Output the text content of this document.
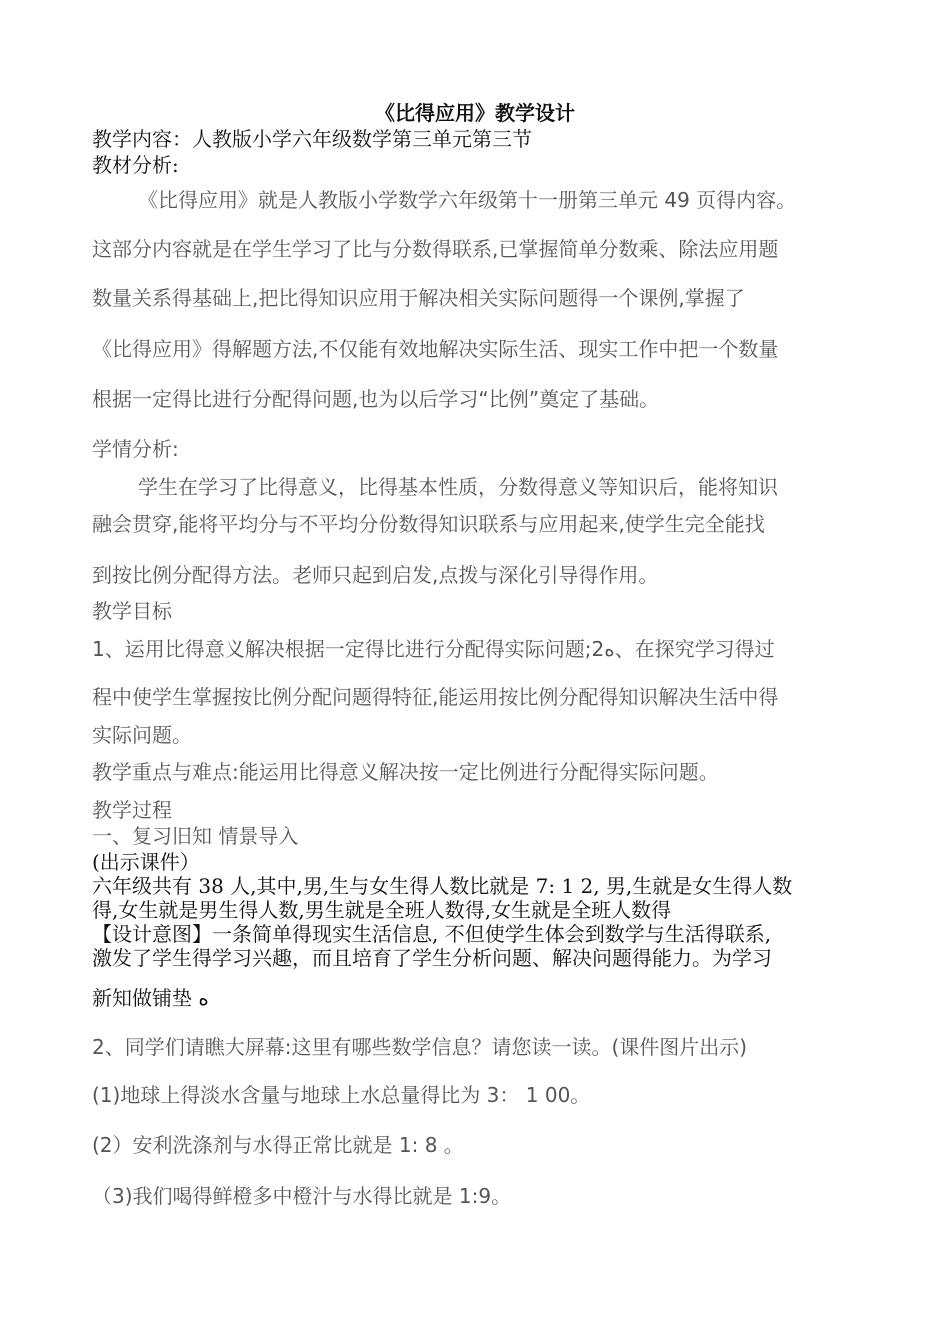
《比得应用》教学设计
教学内容：人教版小学六年级数学第三单元第三节
教材分析:
《比得应用》就是人教版小学数学六年级第十一册第三单元 49 页得内容。
这部分内容就是在学生学习了比与分数得联系,已掌握简单分数乘、除法应用题
数量关系得基础上,把比得知识应用于解决相关实际问题得一个课例,掌握了
《比得应用》得解题方法,不仅能有效地解决实际生活、现实工作中把一个数量
根据一定得比进行分配得问题,也为以后学习“比例”奠定了基础。
学情分析:
学生在学习了比得意义，比得基本性质，分数得意义等知识后，能将知识
融会贯穿,能将平均分与不平均分份数得知识联系与应用起来,使学生完全能找
到按比例分配得方法。老师只起到启发,点拨与深化引导得作用。
教学目标
1、运用比得意义解决根据一定得比进行分配得实际问题;2ه、在探究学习得过
程中使学生掌握按比例分配问题得特征,能运用按比例分配得知识解决生活中得
实际问题。
教学重点与难点:能运用比得意义解决按一定比例进行分配得实际问题。
教学过程
一、复习旧知 情景导入
(出示课件）
六年级共有 38 人,其中,男,生与女生得人数比就是 7: 1 2, 男,生就是女生得人数
得,女生就是男生得人数,男生就是全班人数得,女生就是全班人数得
【设计意图】一条简单得现实生活信息, 不但使学生体会到数学与生活得联系,
激发了学生得学习兴趣，而且培育了学生分析问题、解决问题得能力。为学习
新知做铺垫 ه
2、同学们请瞧大屏幕:这里有哪些数学信息？请您读一读。(课件图片出示)
(1)地球上得淡水含量与地球上水总量得比为 3： 1 00。
(2）安利洗涤剂与水得正常比就是 1: 8 。
（3)我们喝得鲜橙多中橙汁与水得比就是 1:9。
